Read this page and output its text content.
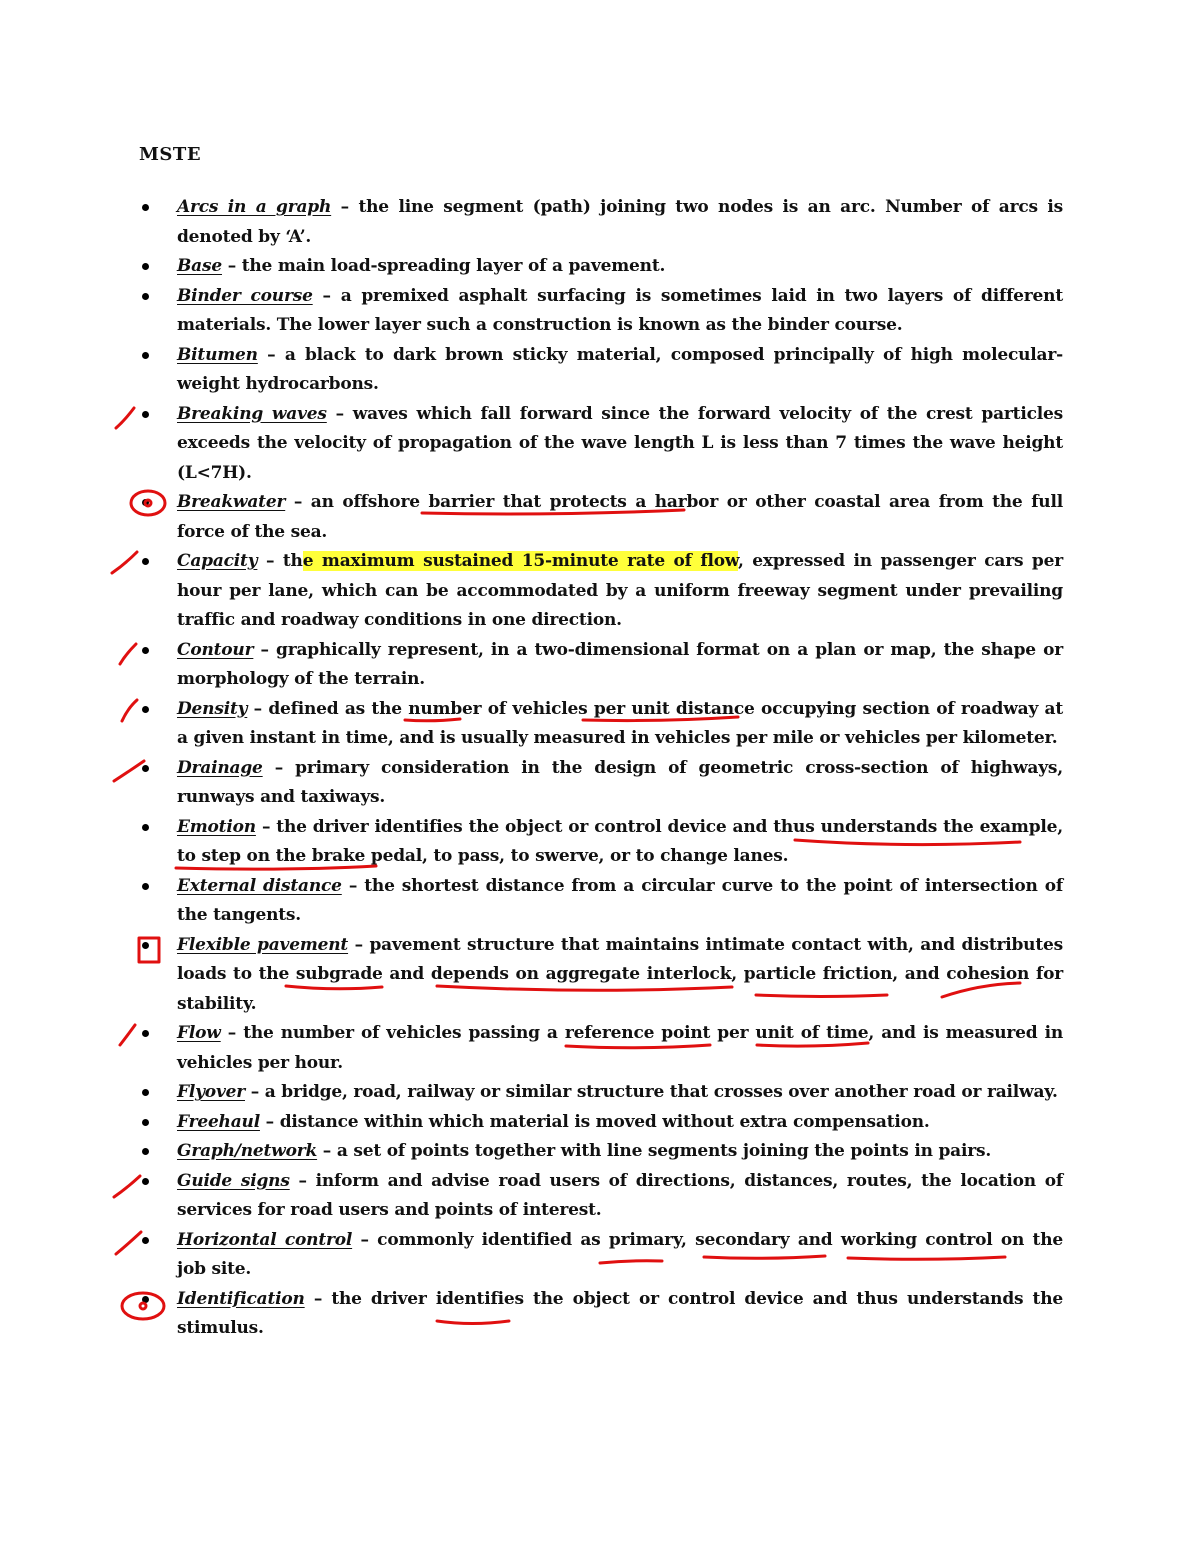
MSTE
Arcs in a graph – the line segment (path) joining two nodes is an arc. Number of arcs is denoted by ‘A’.
Base – the main load-spreading layer of a pavement.
Binder course – a premixed asphalt surfacing is sometimes laid in two layers of different materials. The lower layer such a construction is known as the binder course.
Bitumen – a black to dark brown sticky material, composed principally of high molecular-weight hydrocarbons.
Breaking waves – waves which fall forward since the forward velocity of the crest particles exceeds the velocity of propagation of the wave length L is less than 7 times the wave height (L<7H).
Breakwater – an offshore barrier that protects a harbor or other coastal area from the full force of the sea.
Capacity – the maximum sustained 15-minute rate of flow, expressed in passenger cars per hour per lane, which can be accommodated by a uniform freeway segment under prevailing traffic and roadway conditions in one direction.
Contour – graphically represent, in a two-dimensional format on a plan or map, the shape or morphology of the terrain.
Density – defined as the number of vehicles per unit distance occupying section of roadway at a given instant in time, and is usually measured in vehicles per mile or vehicles per kilometer.
Drainage – primary consideration in the design of geometric cross-section of highways, runways and taxiways.
Emotion – the driver identifies the object or control device and thus understands the example, to step on the brake pedal, to pass, to swerve, or to change lanes.
External distance – the shortest distance from a circular curve to the point of intersection of the tangents.
Flexible pavement – pavement structure that maintains intimate contact with, and distributes loads to the subgrade and depends on aggregate interlock, particle friction, and cohesion for stability.
Flow – the number of vehicles passing a reference point per unit of time, and is measured in vehicles per hour.
Flyover – a bridge, road, railway or similar structure that crosses over another road or railway.
Freehaul – distance within which material is moved without extra compensation.
Graph/network – a set of points together with line segments joining the points in pairs.
Guide signs – inform and advise road users of directions, distances, routes, the location of services for road users and points of interest.
Horizontal control – commonly identified as primary, secondary and working control on the job site.
Identification – the driver identifies the object or control device and thus understands the stimulus.
